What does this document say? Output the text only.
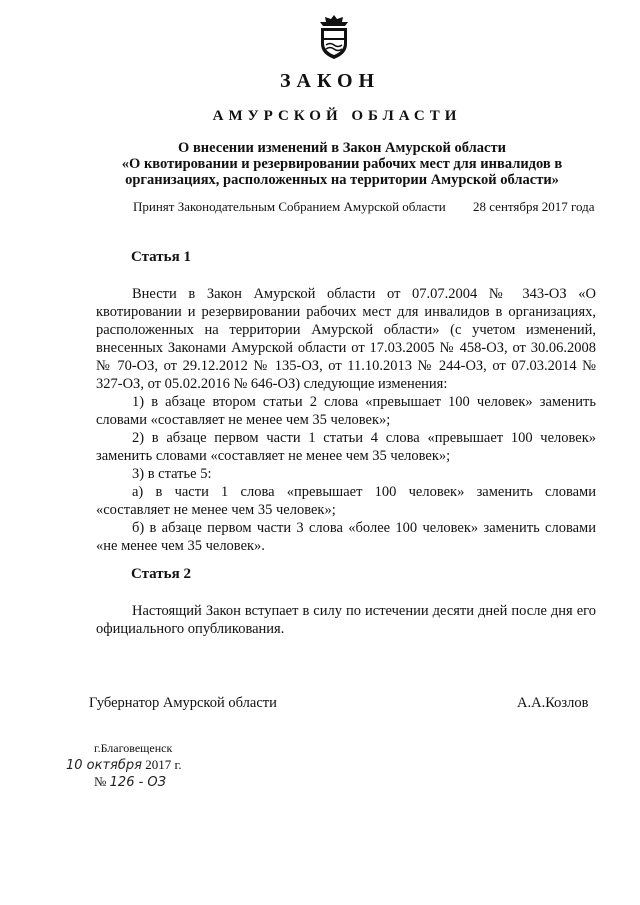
ЗАКОН
АМУРСКОЙ ОБЛАСТИ
О внесении изменений в Закон Амурской области
«О квотировании и резервировании рабочих мест для инвалидов в
организациях, расположенных на территории Амурской области»
Принят Законодательным Собранием Амурской области 28 сентября 2017 года
Статья 1

Внести в Закон Амурской области от 07.07.2004 № 343-ОЗ «О квотировании и резервировании рабочих мест для инвалидов в организациях, расположенных на территории Амурской области» (с учетом изменений, внесенных Законами Амурской области от 17.03.2005 № 458-ОЗ, от 30.06.2008 № 70-ОЗ, от 29.12.2012 № 135-ОЗ, от 11.10.2013 № 244-ОЗ, от 07.03.2014 № 327-ОЗ, от 05.02.2016 № 646-ОЗ) следующие изменения:

1) в абзаце втором статьи 2 слова «превышает 100 человек» заменить словами «составляет не менее чем 35 человек»;

2) в абзаце первом части 1 статьи 4 слова «превышает 100 человек» заменить словами «составляет не менее чем 35 человек»;

3) в статье 5:

а) в части 1 слова «превышает 100 человек» заменить словами «составляет не менее чем 35 человек»;

б) в абзаце первом части 3 слова «более 100 человек» заменить словами «не менее чем 35 человек».

Статья 2

Настоящий Закон вступает в силу по истечении десяти дней после дня его официального опубликования.

Губернатор Амурской области	А.А.Козлов
г.Благовещенск
10 октября 2017 г.
№ 126 - ОЗ
